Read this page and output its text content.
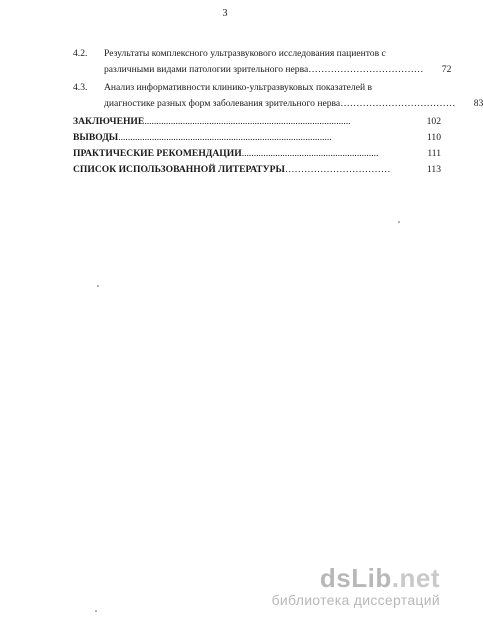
3
4.2. Результаты комплексного ультразвукового исследования пациентов с
различными видами патологии зрительного нерва ………………………………	72
4.3. Анализ информативности клинико-ультразвуковых показателей в
диагностике разных форм заболевания зрительного нерва ………………………………	83
ЗАКЛЮЧЕНИЕ ......................................................................................	102
ВЫВОДЫ .........................................................................................	110
ПРАКТИЧЕСКИЕ РЕКОМЕНДАЦИИ .........................................................	111
СПИСОК ИСПОЛЬЗОВАННОЙ ЛИТЕРАТУРЫ ……………………………	113
dsLib.net
библиотека диссертаций
